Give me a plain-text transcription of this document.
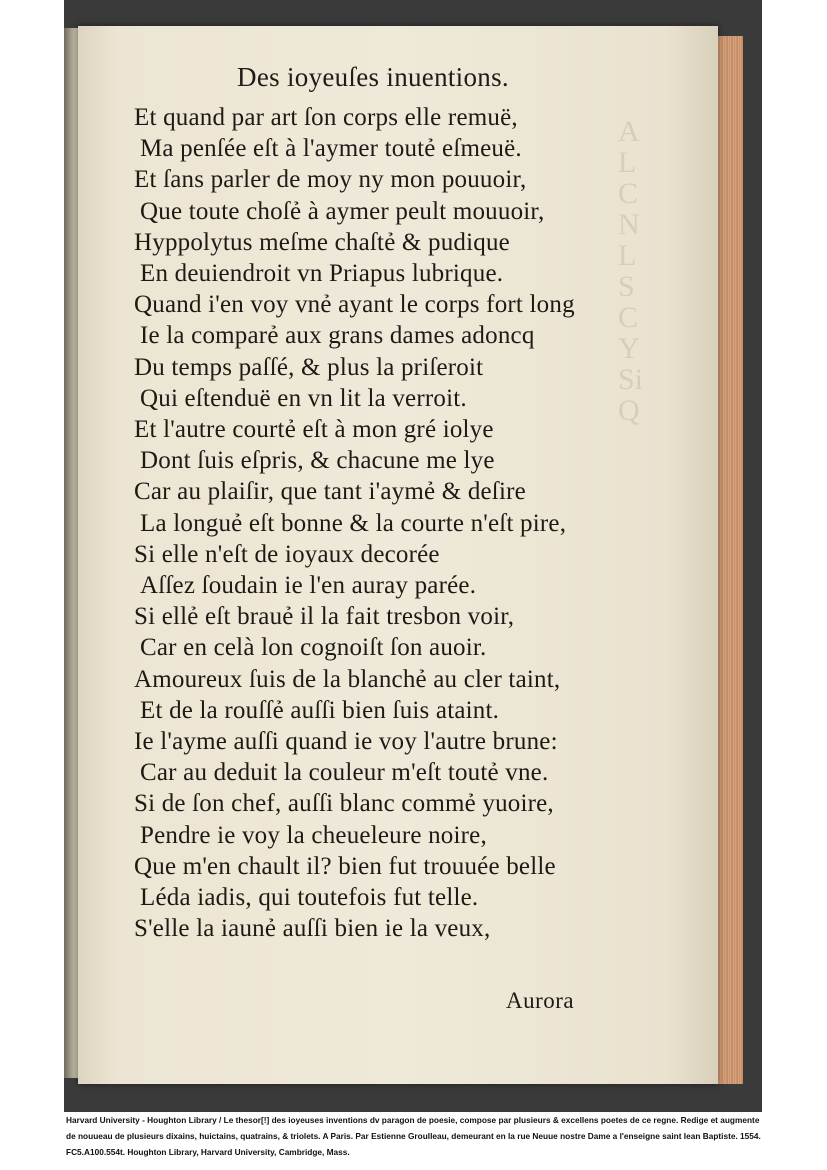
A
L
C
N
L
S
C
Y
Si
Q
Des ioyeuſes inuentions.
Et quand par art ſon corps elle remuë,
Ma penſée eſt à l'aymer toutẻ eſmeuë.
Et ſans parler de moy ny mon pouuoir,
Que toute choſẻ à aymer peult mouuoir,
Hyppolytus meſme chaſtẻ & pudique
En deuiendroit vn Priapus lubrique.
Quand i'en voy vnẻ ayant le corps fort long
Ie la comparẻ aux grans dames adoncq
Du temps paſſé, & plus la priſeroit
Qui eſtenduë en vn lit la verroit.
Et l'autre courtẻ eſt à mon gré iolye
Dont ſuis eſpris, & chacune me lye
Car au plaiſir, que tant i'aymẻ & deſire
La longuẻ eſt bonne & la courte n'eſt pire,
Si elle n'eſt de ioyaux decorée
Aſſez ſoudain ie l'en auray parée.
Si ellẻ eſt brauẻ il la fait tresbon voir,
Car en celà lon cognoiſt ſon auoir.
Amoureux ſuis de la blanchẻ au cler taint,
Et de la rouſſẻ auſſi bien ſuis ataint.
Ie l'ayme auſſi quand ie voy l'autre brune:
Car au deduit la couleur m'eſt toutẻ vne.
Si de ſon chef, auſſi blanc commẻ yuoire,
Pendre ie voy la cheueleure noire,
Que m'en chault il? bien fut trouuée belle
Léda iadis, qui toutefois fut telle.
S'elle la iaunẻ auſſi bien ie la veux,
Aurora

Harvard University - Houghton Library / Le thesor[!] des ioyeuses inventions dv paragon de poesie, compose par plusieurs & excellens poetes de ce regne. Redige et augmente de nouueau de plusieurs dixains, huictains, quatrains, & triolets. A Paris. Par Estienne Groulleau, demeurant en la rue Neuue nostre Dame a l'enseigne saint Iean Baptiste. 1554. FC5.A100.554t. Houghton Library, Harvard University, Cambridge, Mass.
